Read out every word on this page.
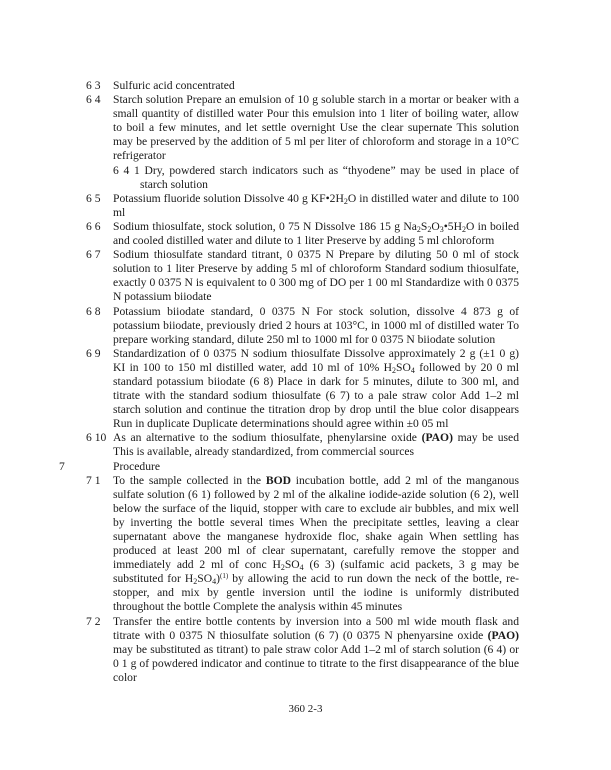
6 3 Sulfuric acid concentrated
6 4 Starch solution Prepare an emulsion of 10 g soluble starch in a mortar or beaker with a small quantity of distilled water Pour this emulsion into 1 liter of boiling water, allow to boil a few minutes, and let settle overnight Use the clear supernate This solution may be preserved by the addition of 5 ml per liter of chloroform and storage in a 10°C refrigerator
6 4 1 Dry, powdered starch indicators such as “thyodene” may be used in place of starch solution
6 5 Potassium fluoride solution Dissolve 40 g $KF•2H_2O$ in distilled water and dilute to 100 ml
6 6 Sodium thiosulfate, stock solution, 0 75 N Dissolve 186 15 g $Na_2S_2O_3•5H_2O$ in boiled and cooled distilled water and dilute to 1 liter Preserve by adding 5 ml chloroform
6 7 Sodium thiosulfate standard titrant, 0 0375 N Prepare by diluting 50 0 ml of stock solution to 1 liter Preserve by adding 5 ml of chloroform Standard sodium thiosulfate, exactly 0 0375 N is equivalent to 0 300 mg of DO per 1 00 ml Standardize with 0 0375 N potassium biiodate
6 8 Potassium biiodate standard, 0 0375 N For stock solution, dissolve 4 873 g of potassium biiodate, previously dried 2 hours at 103°C, in 1000 ml of distilled water To prepare working standard, dilute 250 ml to 1000 ml for 0 0375 N biiodate solution
6 9 Standardization of 0 0375 N sodium thiosulfate Dissolve approximately 2 g (±1 0 g) KI in 100 to 150 ml distilled water, add 10 ml of 10% $H_2SO_4$ followed by 20 0 ml standard potassium biiodate (6 8) Place in dark for 5 minutes, dilute to 300 ml, and titrate with the standard sodium thiosulfate (6 7) to a pale straw color Add 1–2 ml starch solution and continue the titration drop by drop until the blue color disappears Run in duplicate Duplicate determinations should agree within ±0 05 ml
6 10 As an alternative to the sodium thiosulfate, phenylarsine oxide (PAO) may be used This is available, already standardized, from commercial sources
7	Procedure
7 1 To the sample collected in the BOD incubation bottle, add 2 ml of the manganous sulfate solution (6 1) followed by 2 ml of the alkaline iodide-azide solution (6 2), well below the surface of the liquid, stopper with care to exclude air bubbles, and mix well by inverting the bottle several times When the precipitate settles, leaving a clear supernatant above the manganese hydroxide floc, shake again When settling has produced at least 200 ml of clear supernatant, carefully remove the stopper and immediately add 2 ml of conc $H_2SO_4$ (6 3) (sulfamic acid packets, 3 g may be substituted for $H_2SO_4)^{(1)}$ by allowing the acid to run down the neck of the bottle, re-stopper, and mix by gentle inversion until the iodine is uniformly distributed throughout the bottle Complete the analysis within 45 minutes
7 2 Transfer the entire bottle contents by inversion into a 500 ml wide mouth flask and titrate with 0 0375 N thiosulfate solution (6 7) (0 0375 N phenyarsine oxide (PAO) may be substituted as titrant) to pale straw color Add 1–2 ml of starch solution (6 4) or 0 1 g of powdered indicator and continue to titrate to the first disappearance of the blue color
360 2-3
